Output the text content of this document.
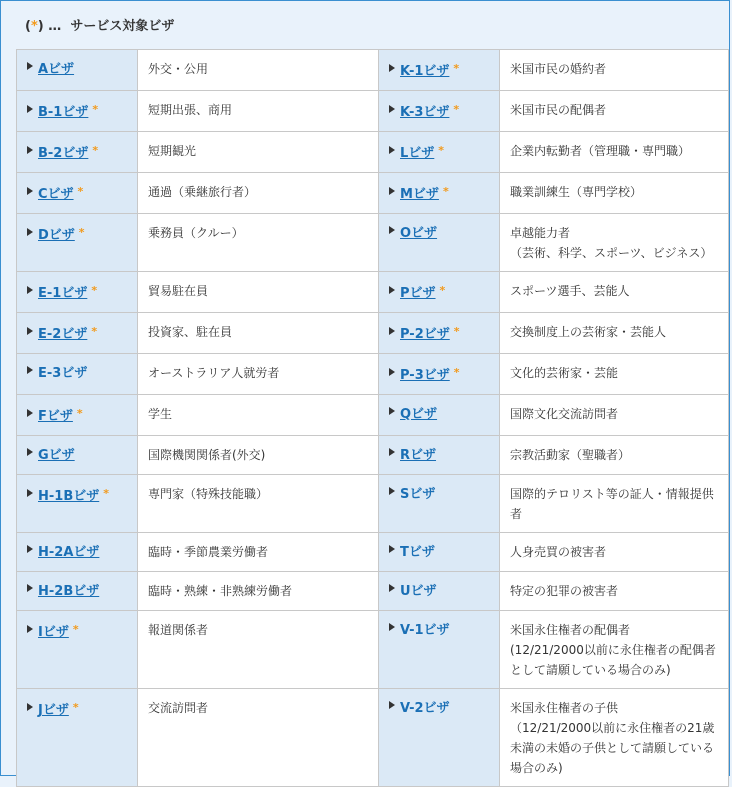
(*) … サービス対象ビザ
Aビザ	外交・公用	K-1ビザ *	米国市民の婚約者
B-1ビザ *	短期出張、商用	K-3ビザ *	米国市民の配偶者
B-2ビザ *	短期観光	Lビザ *	企業内転勤者（管理職・専門職）
Cビザ *	通過（乗継旅行者）	Mビザ *	職業訓練生（専門学校）
Dビザ *	乗務員（クルー）	Oビザ	卓越能力者
（芸術、科学、スポーツ、ビジネス）
E-1ビザ *	貿易駐在員	Pビザ *	スポーツ選手、芸能人
E-2ビザ *	投資家、駐在員	P-2ビザ *	交換制度上の芸術家・芸能人
E-3ビザ	オーストラリア人就労者	P-3ビザ *	文化的芸術家・芸能
Fビザ *	学生	Qビザ	国際文化交流訪問者
Gビザ	国際機関関係者(外交)	Rビザ	宗教活動家（聖職者）
H-1Bビザ *	専門家（特殊技能職）	Sビザ	国際的テロリスト等の証人・情報提供者
H-2Aビザ	臨時・季節農業労働者	Tビザ	人身売買の被害者
H-2Bビザ	臨時・熟練・非熟練労働者	Uビザ	特定の犯罪の被害者
Iビザ *	報道関係者	V-1ビザ	米国永住権者の配偶者
(12/21/2000以前に永住権者の配偶者として請願している場合のみ)
Jビザ *	交流訪問者	V-2ビザ	米国永住権者の子供
（12/21/2000以前に永住権者の21歳未満の未婚の子供として請願している場合のみ)
